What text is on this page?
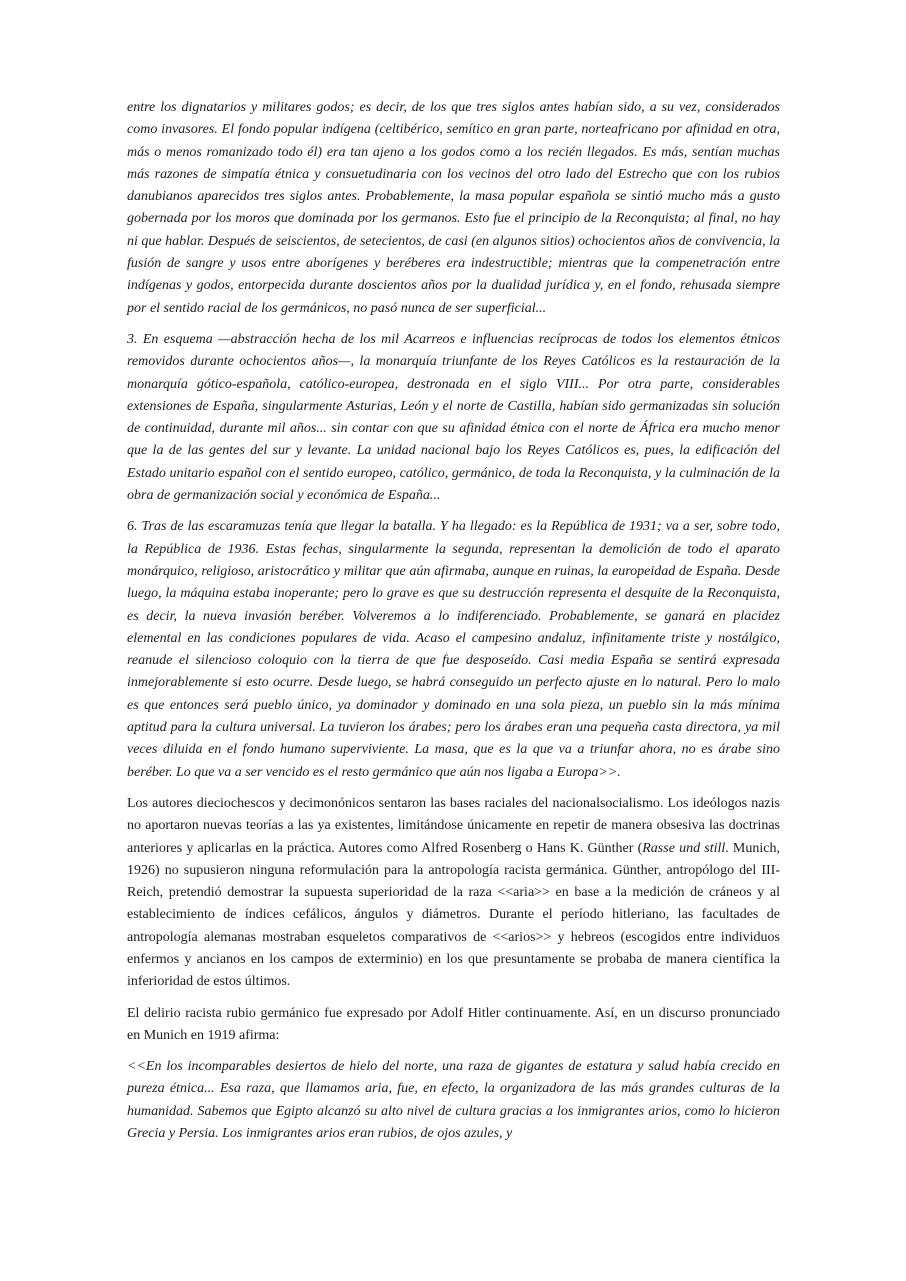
entre los dignatarios y militares godos; es decir, de los que tres siglos antes habían sido, a su vez, considerados como invasores. El fondo popular indígena (celtibérico, semítico en gran parte, norteafricano por afinidad en otra, más o menos romanizado todo él) era tan ajeno a los godos como a los recién llegados. Es más, sentían muchas más razones de simpatía étnica y consuetudinaria con los vecinos del otro lado del Estrecho que con los rubios danubianos aparecidos tres siglos antes. Probablemente, la masa popular española se sintió mucho más a gusto gobernada por los moros que dominada por los germanos. Esto fue el principio de la Reconquista; al final, no hay ni que hablar. Después de seiscientos, de setecientos, de casi (en algunos sitios) ochocientos años de convivencia, la fusión de sangre y usos entre aborígenes y beréberes era indestructible; mientras que la compenetración entre indígenas y godos, entorpecida durante doscientos años por la dualidad jurídica y, en el fondo, rehusada siempre por el sentido racial de los germánicos, no pasó nunca de ser superficial...

3. En esquema —abstracción hecha de los mil Acarreos e influencias recíprocas de todos los elementos étnicos removidos durante ochocientos años—, la monarquía triunfante de los Reyes Católicos es la restauración de la monarquía gótico-española, católico-europea, destronada en el siglo VIII... Por otra parte, considerables extensiones de España, singularmente Asturias, León y el norte de Castilla, habían sido germanizadas sin solución de continuidad, durante mil años... sin contar con que su afinidad étnica con el norte de África era mucho menor que la de las gentes del sur y levante. La unidad nacional bajo los Reyes Católicos es, pues, la edificación del Estado unitario español con el sentido europeo, católico, germánico, de toda la Reconquista, y la culminación de la obra de germanización social y económica de España...

6. Tras de las escaramuzas tenía que llegar la batalla. Y ha llegado: es la República de 1931; va a ser, sobre todo, la República de 1936. Estas fechas, singularmente la segunda, representan la demolición de todo el aparato monárquico, religioso, aristocrático y militar que aún afirmaba, aunque en ruinas, la europeidad de España. Desde luego, la máquina estaba inoperante; pero lo grave es que su destrucción representa el desquite de la Reconquista, es decir, la nueva invasión beréber. Volveremos a lo indiferenciado. Probablemente, se ganará en placidez elemental en las condiciones populares de vida. Acaso el campesino andaluz, infinitamente triste y nostálgico, reanude el silencioso coloquio con la tierra de que fue desposeído. Casi media España se sentirá expresada inmejorablemente si esto ocurre. Desde luego, se habrá conseguido un perfecto ajuste en lo natural. Pero lo malo es que entonces será pueblo único, ya dominador y dominado en una sola pieza, un pueblo sin la más mínima aptitud para la cultura universal. La tuvieron los árabes; pero los árabes eran una pequeña casta directora, ya mil veces diluida en el fondo humano superviviente. La masa, que es la que va a triunfar ahora, no es árabe sino beréber. Lo que va a ser vencido es el resto germánico que aún nos ligaba a Europa>>.

Los autores dieciochescos y decimonónicos sentaron las bases raciales del nacionalsocialismo. Los ideólogos nazis no aportaron nuevas teorías a las ya existentes, limitándose únicamente en repetir de manera obsesiva las doctrinas anteriores y aplicarlas en la práctica. Autores como Alfred Rosenberg o Hans K. Günther (Rasse und still. Munich, 1926) no supusieron ninguna reformulación para la antropología racista germánica. Günther, antropólogo del III-Reich, pretendió demostrar la supuesta superioridad de la raza <<aria>> en base a la medición de cráneos y al establecimiento de índices cefálicos, ángulos y diámetros. Durante el período hitleriano, las facultades de antropología alemanas mostraban esqueletos comparativos de <<arios>> y hebreos (escogidos entre individuos enfermos y ancianos en los campos de exterminio) en los que presuntamente se probaba de manera científica la inferioridad de estos últimos.

El delirio racista rubio germánico fue expresado por Adolf Hitler continuamente. Así, en un discurso pronunciado en Munich en 1919 afirma:

<<En los incomparables desiertos de hielo del norte, una raza de gigantes de estatura y salud había crecido en pureza étnica... Esa raza, que llamamos aria, fue, en efecto, la organizadora de las más grandes culturas de la humanidad. Sabemos que Egipto alcanzó su alto nivel de cultura gracias a los inmigrantes arios, como lo hicieron Grecia y Persia. Los inmigrantes arios eran rubios, de ojos azules, y
